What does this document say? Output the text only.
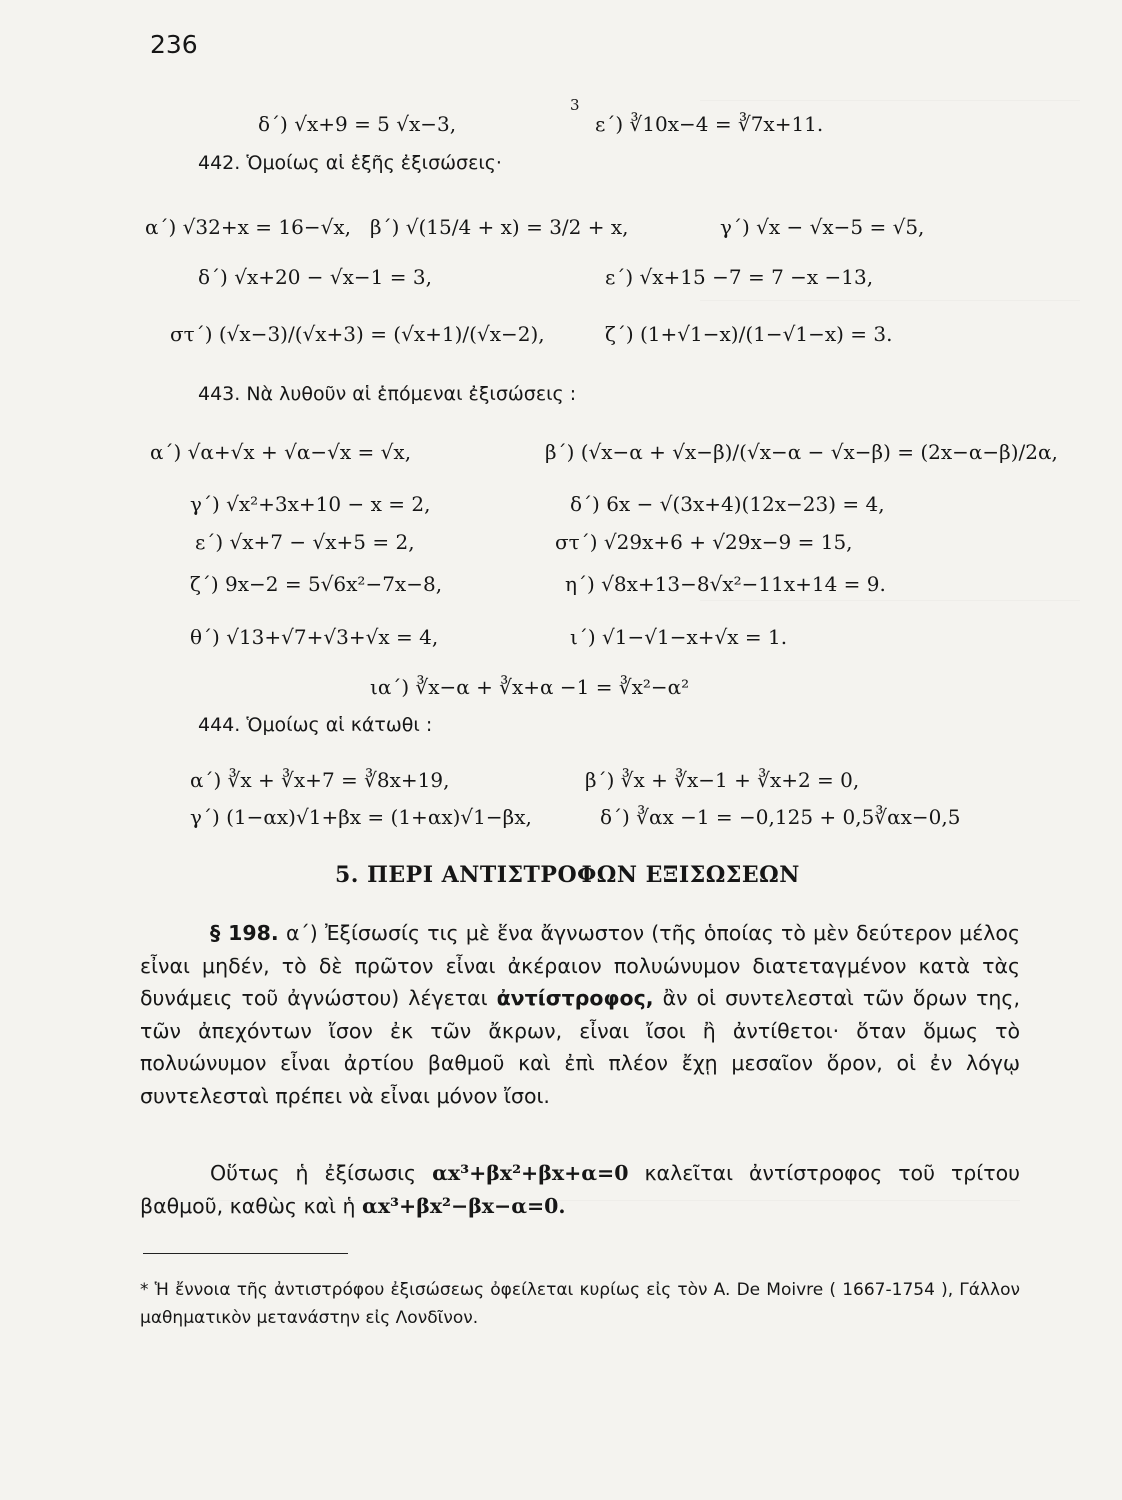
236
δ΄) √x+9 = 5 √x−3,
3
ε΄) ∛10x−4 = ∛7x+11.
442. Ὁμοίως αἱ ἑξῆς ἐξισώσεις·
α΄) √32+x = 16−√x, β΄) √(15/4 + x) = 3/2 + x,	γ΄) √x − √x−5 = √5,
δ΄) √x+20 − √x−1 = 3,	ε΄) √x+15 −7 = 7 −x −13,
στ΄) (√x−3)/(√x+3) = (√x+1)/(√x−2),	ζ΄) (1+√1−x)/(1−√1−x) = 3.
443. Νὰ λυθοῦν αἱ ἑπόμεναι ἐξισώσεις :
α΄) √α+√x + √α−√x = √x,	β΄) (√x−α + √x−β)/(√x−α − √x−β) = (2x−α−β)/2α,
γ΄) √x²+3x+10 − x = 2,	δ΄) 6x − √(3x+4)(12x−23) = 4,
ε΄) √x+7 − √x+5 = 2,	στ΄) √29x+6 + √29x−9 = 15,
ζ΄) 9x−2 = 5√6x²−7x−8,	η΄) √8x+13−8√x²−11x+14 = 9.
θ΄) √13+√7+√3+√x = 4,	ι΄) √1−√1−x+√x = 1.
ια΄) ∛x−α + ∛x+α −1 = ∛x²−α²
444. Ὁμοίως αἱ κάτωθι :
α΄) ∛x + ∛x+7 = ∛8x+19,	β΄) ∛x + ∛x−1 + ∛x+2 = 0,
γ΄) (1−αx)√1+βx = (1+αx)√1−βx,	δ΄) ∛αx −1 = −0,125 + 0,5∛αx−0,5
5. ΠΕΡΙ ΑΝΤΙΣΤΡΟΦΩΝ ΕΞΙΣΩΣΕΩΝ
§ 198. α΄) Ἐξίσωσίς τις μὲ ἕνα ἄγνωστον (τῆς ὁποίας τὸ μὲν δεύτερον μέλος εἶναι μηδέν, τὸ δὲ πρῶτον εἶναι ἀκέραιον πολυώνυμον διατεταγμένον κατὰ τὰς δυνάμεις τοῦ ἀγνώστου) λέγεται ἀντίστροφος, ἂν οἱ συντελεσταὶ τῶν ὅρων της, τῶν ἀπεχόντων ἴσον ἐκ τῶν ἄκρων, εἶναι ἴσοι ἢ ἀντίθετοι· ὅταν ὅμως τὸ πολυώνυμον εἶναι ἀρτίου βαθμοῦ καὶ ἐπὶ πλέον ἔχῃ μεσαῖον ὅρον, οἱ ἐν λόγῳ συντελεσταὶ πρέπει νὰ εἶναι μόνον ἴσοι.
Οὕτως ἡ ἐξίσωσις αx³+βx²+βx+α=0 καλεῖται ἀντίστροφος τοῦ τρίτου βαθμοῦ, καθὼς καὶ ἡ αx³+βx²−βx−α=0.
* Ἡ ἔννοια τῆς ἀντιστρόφου ἐξισώσεως ὀφείλεται κυρίως εἰς τὸν A. De Moivre ( 1667-1754 ), Γάλλον μαθηματικὸν μετανάστην εἰς Λονδῖνον.
